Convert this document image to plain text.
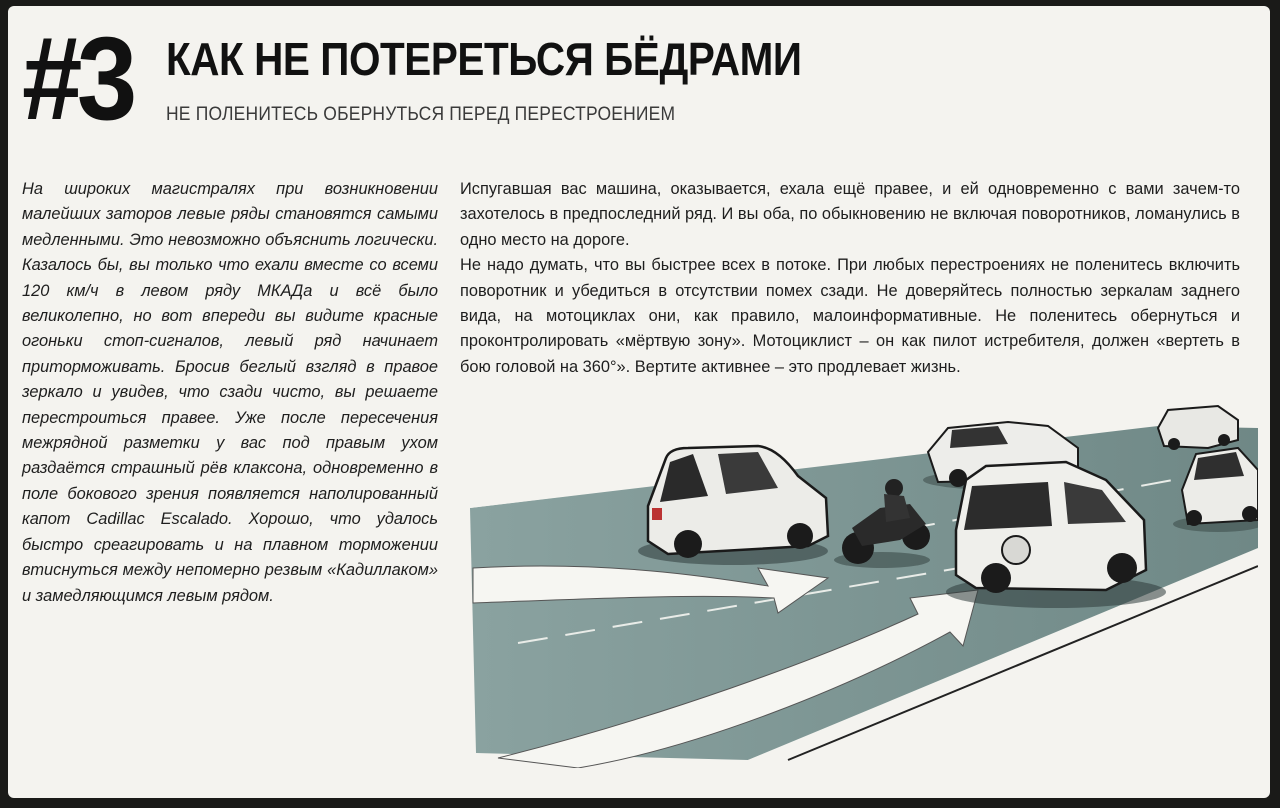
#3 КАК НЕ ПОТЕРЕТЬСЯ БЁДРАМИ
НЕ ПОЛЕНИТЕСЬ ОБЕРНУТЬСЯ ПЕРЕД ПЕРЕСТРОЕНИЕМ

На широких магистралях при возникновении малейших заторов левые ряды становятся самыми медленными. Это невозможно объяснить логически. Казалось бы, вы только что ехали вместе со всеми 120 км/ч в левом ряду МКАДа и всё было великолепно, но вот впереди вы видите красные огоньки стоп-сигналов, левый ряд начинает приторможивать. Бросив беглый взгляд в правое зеркало и увидев, что сзади чисто, вы решаете перестроиться правее. Уже после пересечения межрядной разметки у вас под правым ухом раздаётся страшный рёв клаксона, одновременно в поле бокового зрения появляется наполированный капот Cadillac Escalado. Хорошо, что удалось быстро среагировать и на плавном торможении втиснуться между непомерно резвым «Кадиллаком» и замедляющимся левым рядом.

Испугавшая вас машина, оказывается, ехала ещё правее, и ей одновременно с вами зачем-то захотелось в предпоследний ряд. И вы оба, по обыкновению не включая поворотников, ломанулись в одно место на дороге.

Не надо думать, что вы быстрее всех в потоке. При любых перестроениях не поленитесь включить поворотник и убедиться в отсутствии помех сзади. Не доверяйтесь полностью зеркалам заднего вида, на мотоциклах они, как правило, малоинформативные. Не поленитесь обернуться и проконтролировать «мёртвую зону». Мотоциклист – он как пилот истребителя, должен «вертеть в бою головой на 360°». Вертите активнее – это продлевает жизнь.
